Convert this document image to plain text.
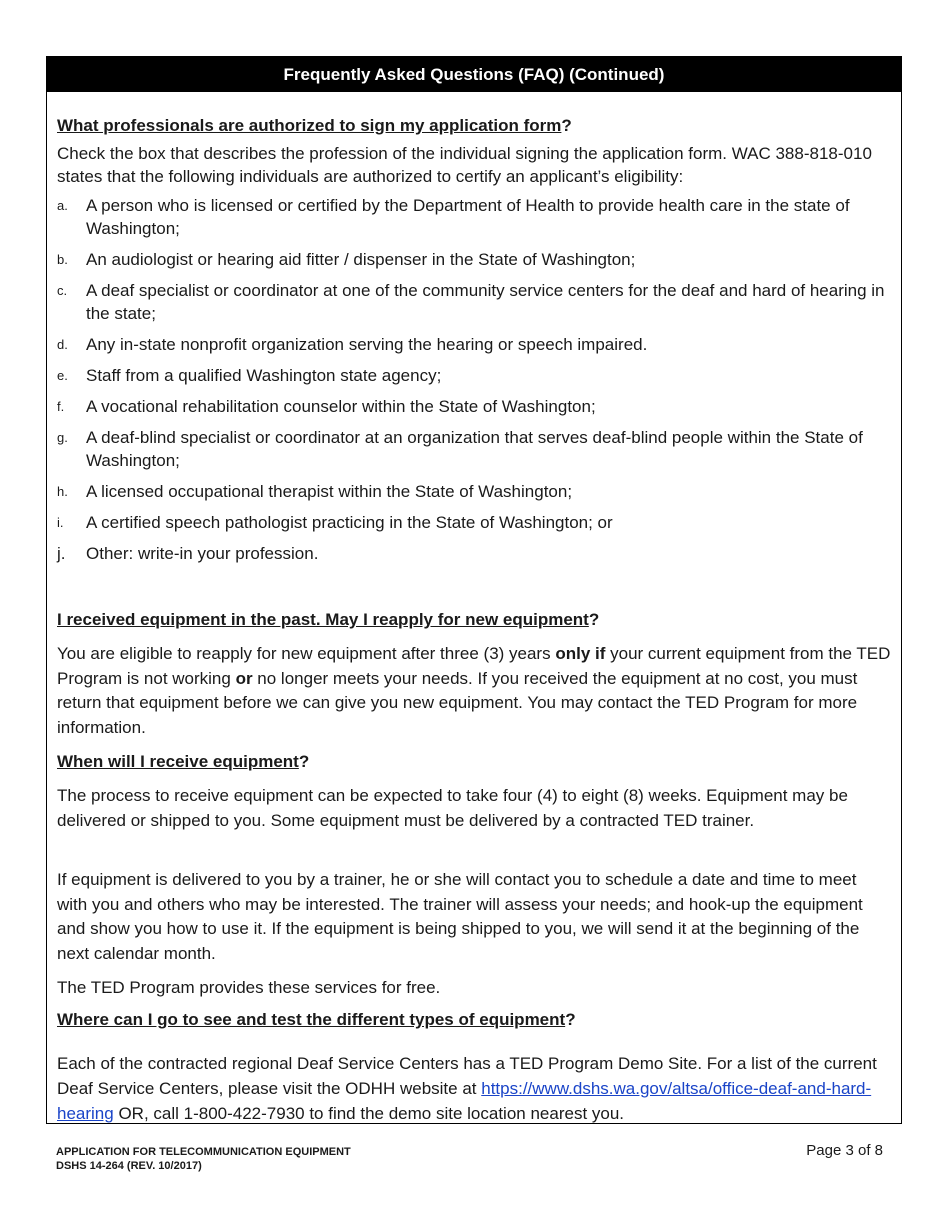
Frequently Asked Questions (FAQ) (Continued)
What professionals are authorized to sign my application form?
Check the box that describes the profession of the individual signing the application form. WAC 388-818-010 states that the following individuals are authorized to certify an applicant’s eligibility:
a. A person who is licensed or certified by the Department of Health to provide health care in the state of Washington;
b. An audiologist or hearing aid fitter / dispenser in the State of Washington;
c. A deaf specialist or coordinator at one of the community service centers for the deaf and hard of hearing in the state;
d. Any in-state nonprofit organization serving the hearing or speech impaired.
e. Staff from a qualified Washington state agency;
f. A vocational rehabilitation counselor within the State of Washington;
g. A deaf-blind specialist or coordinator at an organization that serves deaf-blind people within the State of Washington;
h. A licensed occupational therapist within the State of Washington;
i. A certified speech pathologist practicing in the State of Washington; or
j. Other: write-in your profession.
I received equipment in the past. May I reapply for new equipment?
You are eligible to reapply for new equipment after three (3) years only if your current equipment from the TED Program is not working or no longer meets your needs. If you received the equipment at no cost, you must return that equipment before we can give you new equipment. You may contact the TED Program for more information.
When will I receive equipment?
The process to receive equipment can be expected to take four (4) to eight (8) weeks. Equipment may be delivered or shipped to you. Some equipment must be delivered by a contracted TED trainer.
If equipment is delivered to you by a trainer, he or she will contact you to schedule a date and time to meet with you and others who may be interested. The trainer will assess your needs; and hook-up the equipment and show you how to use it. If the equipment is being shipped to you, we will send it at the beginning of the next calendar month.
The TED Program provides these services for free.
Where can I go to see and test the different types of equipment?
Each of the contracted regional Deaf Service Centers has a TED Program Demo Site. For a list of the current Deaf Service Centers, please visit the ODHH website at https://www.dshs.wa.gov/altsa/office-deaf-and-hard-hearing OR, call 1-800-422-7930 to find the demo site location nearest you.
APPLICATION FOR TELECOMMUNICATION EQUIPMENT
DSHS 14-264 (REV. 10/2017)
Page 3 of 8
